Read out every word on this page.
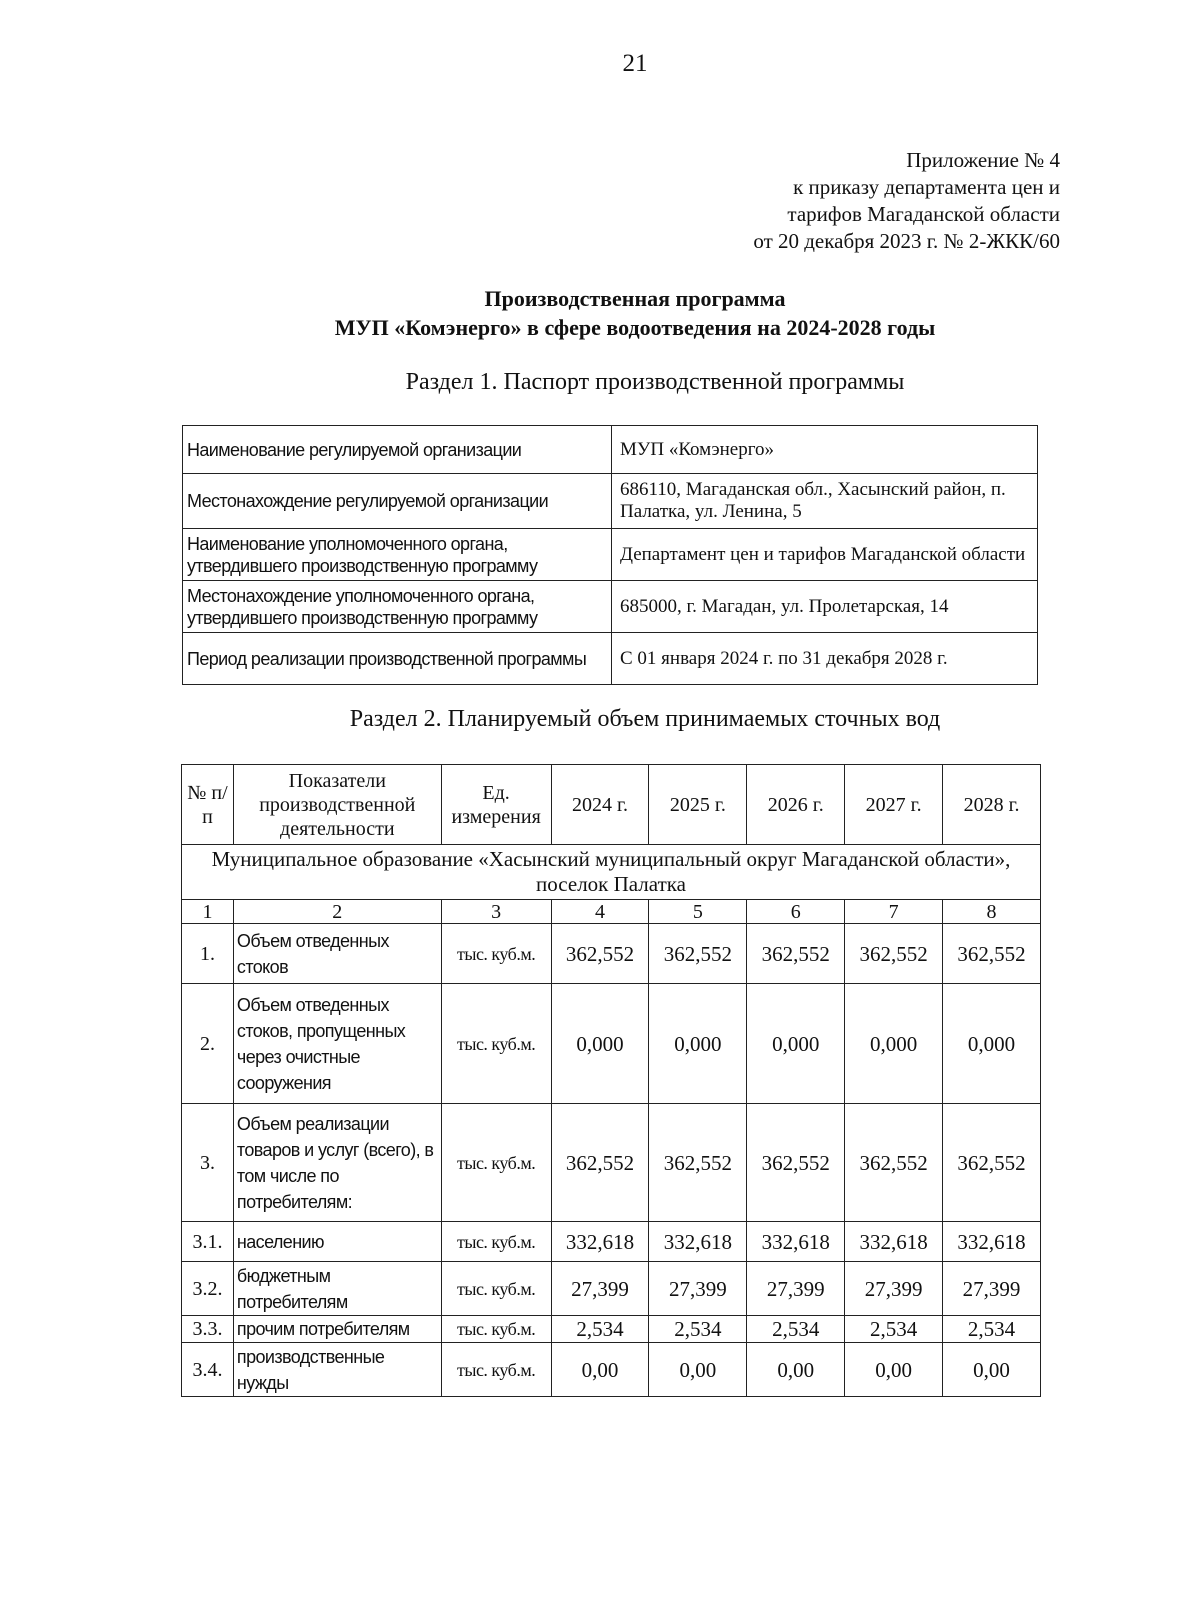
21
Приложение № 4
к приказу департамента цен и
тарифов Магаданской области
от 20 декабря 2023 г. № 2-ЖКК/60
Производственная программа
МУП «Комэнерго» в сфере водоотведения на 2024-2028 годы
Раздел 1. Паспорт производственной программы
Наименование регулируемой организации	МУП «Комэнерго»
Местонахождение регулируемой организации	686110, Магаданская обл., Хасынский район, п. Палатка, ул. Ленина, 5
Наименование уполномоченного органа, утвердившего производственную программу	Департамент цен и тарифов Магаданской области
Местонахождение уполномоченного органа, утвердившего производственную программу	685000, г. Магадан, ул. Пролетарская, 14
Период реализации производственной программы	С 01 января 2024 г. по 31 декабря 2028 г.
Раздел 2. Планируемый объем принимаемых сточных вод
№ п/п	Показатели производственной деятельности	Ед. измерения	2024 г.	2025 г.	2026 г.	2027 г.	2028 г.
Муниципальное образование «Хасынский муниципальный округ Магаданской области», поселок Палатка							
1	2	3	4	5	6	7	8
1.	Объем отведенных стоков	тыс. куб.м.	362,552	362,552	362,552	362,552	362,552
2.	Объем отведенных стоков, пропущенных через очистные сооружения	тыс. куб.м.	0,000	0,000	0,000	0,000	0,000
3.	Объем реализации товаров и услуг (всего), в том числе по потребителям:	тыс. куб.м.	362,552	362,552	362,552	362,552	362,552
3.1.	населению	тыс. куб.м.	332,618	332,618	332,618	332,618	332,618
3.2.	бюджетным потребителям	тыс. куб.м.	27,399	27,399	27,399	27,399	27,399
3.3.	прочим потребителям	тыс. куб.м.	2,534	2,534	2,534	2,534	2,534
3.4.	производственные нужды	тыс. куб.м.	0,00	0,00	0,00	0,00	0,00
